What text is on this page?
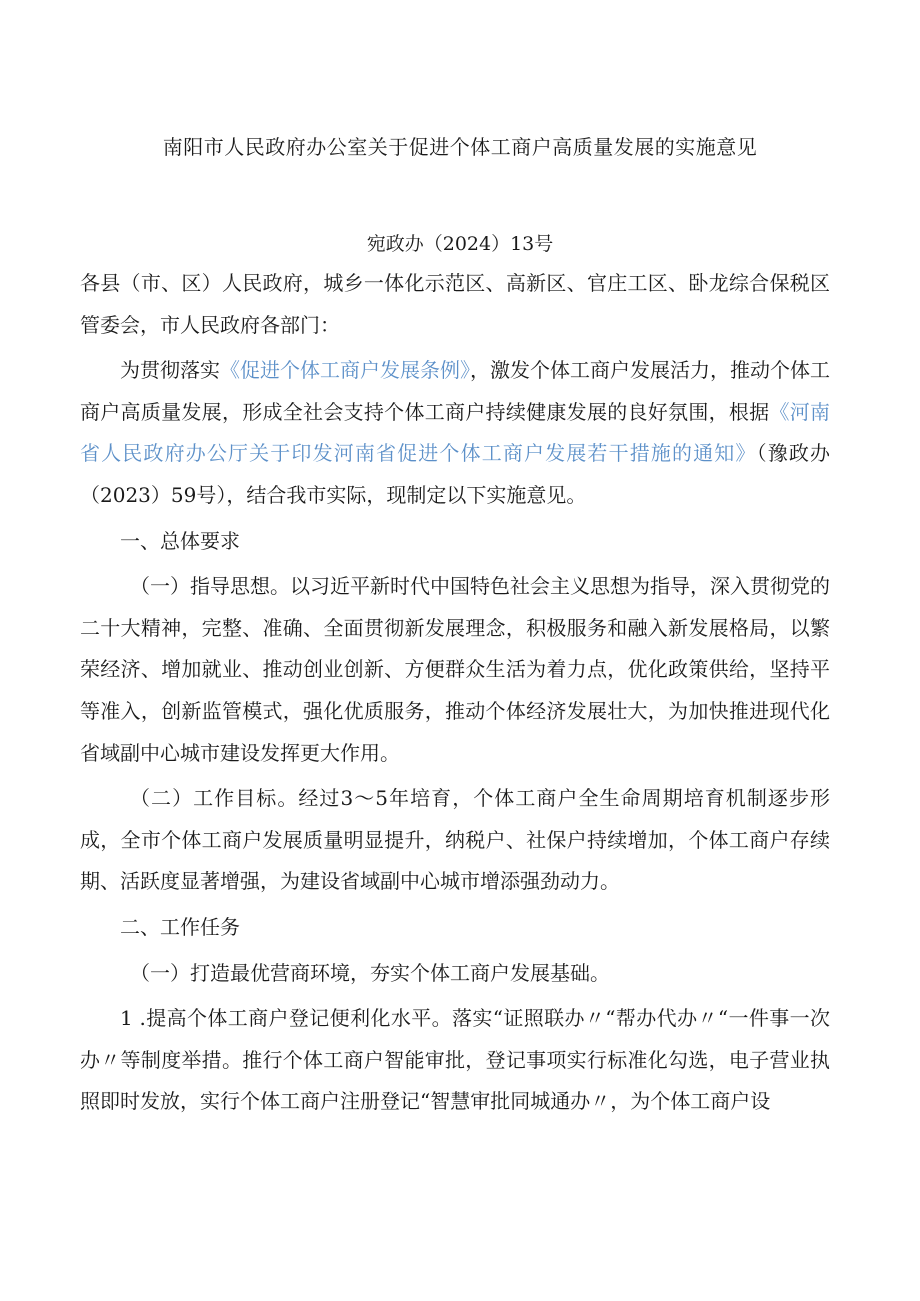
南阳市人民政府办公室关于促进个体工商户高质量发展的实施意见
宛政办（2024）13号

各县（市、区）人民政府，城乡一体化示范区、高新区、官庄工区、卧龙综合保税区管委会，市人民政府各部门：

为贯彻落实《促进个体工商户发展条例》，激发个体工商户发展活力，推动个体工商户高质量发展，形成全社会支持个体工商户持续健康发展的良好氛围，根据《河南省人民政府办公厅关于印发河南省促进个体工商户发展若干措施的通知》（豫政办（2023）59号），结合我市实际，现制定以下实施意见。

一、总体要求

（一）指导思想。以习近平新时代中国特色社会主义思想为指导，深入贯彻党的二十大精神，完整、准确、全面贯彻新发展理念，积极服务和融入新发展格局，以繁荣经济、增加就业、推动创业创新、方便群众生活为着力点，优化政策供给，坚持平等准入，创新监管模式，强化优质服务，推动个体经济发展壮大，为加快推进现代化省域副中心城市建设发挥更大作用。

（二）工作目标。经过3～5年培育，个体工商户全生命周期培育机制逐步形成，全市个体工商户发展质量明显提升，纳税户、社保户持续增加，个体工商户存续期、活跃度显著增强，为建设省域副中心城市增添强劲动力。

二、工作任务

（一）打造最优营商环境，夯实个体工商户发展基础。

1 .提高个体工商户登记便利化水平。落实“证照联办〃“帮办代办〃“一件事一次办〃等制度举措。推行个体工商户智能审批，登记事项实行标准化勾选，电子营业执照即时发放，实行个体工商户注册登记“智慧审批同城通办〃，为个体工商户设
